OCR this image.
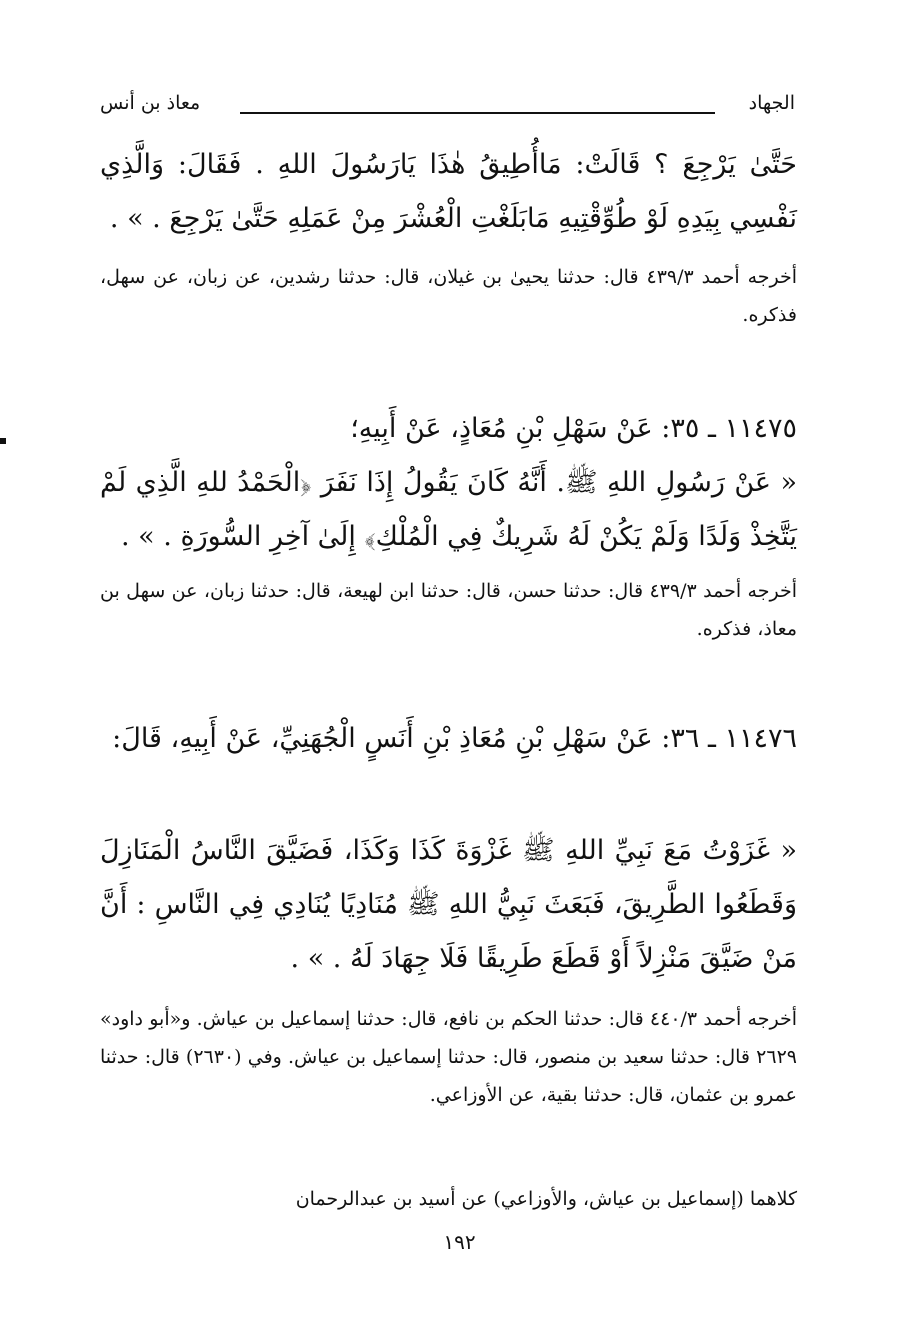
الجهاد
معاذ بن أنس
حَتَّىٰ يَرْجِعَ ؟ قَالَتْ: مَاأُطِيقُ هٰذَا يَارَسُولَ اللهِ . فَقَالَ: وَالَّذِي نَفْسِي بِيَدِهِ لَوْ طُوِّقْتِيهِ مَابَلَغْتِ الْعُشْرَ مِنْ عَمَلِهِ حَتَّىٰ يَرْجِعَ . » .
أخرجه أحمد ٤٣٩/٣ قال: حدثنا يحيىٰ بن غيلان، قال: حدثنا رشدين، عن زبان، عن سهل، فذكره.
١١٤٧٥ ـ ٣٥: عَنْ سَهْلِ بْنِ مُعَاذٍ، عَنْ أَبِيهِ؛
« عَنْ رَسُولِ اللهِ ﷺ. أَنَّهُ كَانَ يَقُولُ إِذَا نَفَرَ ﴿الْحَمْدُ للهِ الَّذِي لَمْ يَتَّخِذْ وَلَدًا وَلَمْ يَكُنْ لَهُ شَرِيكٌ فِي الْمُلْكِ﴾ إِلَىٰ آخِرِ السُّورَةِ . » .
أخرجه أحمد ٤٣٩/٣ قال: حدثنا حسن، قال: حدثنا ابن لهيعة، قال: حدثنا زبان، عن سهل بن معاذ، فذكره.
١١٤٧٦ ـ ٣٦: عَنْ سَهْلِ بْنِ مُعَاذِ بْنِ أَنَسٍ الْجُهَنِيِّ، عَنْ أَبِيهِ، قَالَ:
« غَزَوْتُ مَعَ نَبِيِّ اللهِ ﷺ غَزْوَةَ كَذَا وَكَذَا، فَضَيَّقَ النَّاسُ الْمَنَازِلَ وَقَطَعُوا الطَّرِيقَ، فَبَعَثَ نَبِيُّ اللهِ ﷺ مُنَادِيًا يُنَادِي فِي النَّاسِ : أَنَّ مَنْ ضَيَّقَ مَنْزِلاً أَوْ قَطَعَ طَرِيقًا فَلَا جِهَادَ لَهُ . » .
أخرجه أحمد ٤٤٠/٣ قال: حدثنا الحكم بن نافع، قال: حدثنا إسماعيل بن عياش. و«أبو داود» ٢٦٢٩ قال: حدثنا سعيد بن منصور، قال: حدثنا إسماعيل بن عياش. وفي (٢٦٣٠) قال: حدثنا عمرو بن عثمان، قال: حدثنا بقية، عن الأوزاعي.
كلاهما (إسماعيل بن عياش، والأوزاعي) عن أسيد بن عبدالرحمان
١٩٢
